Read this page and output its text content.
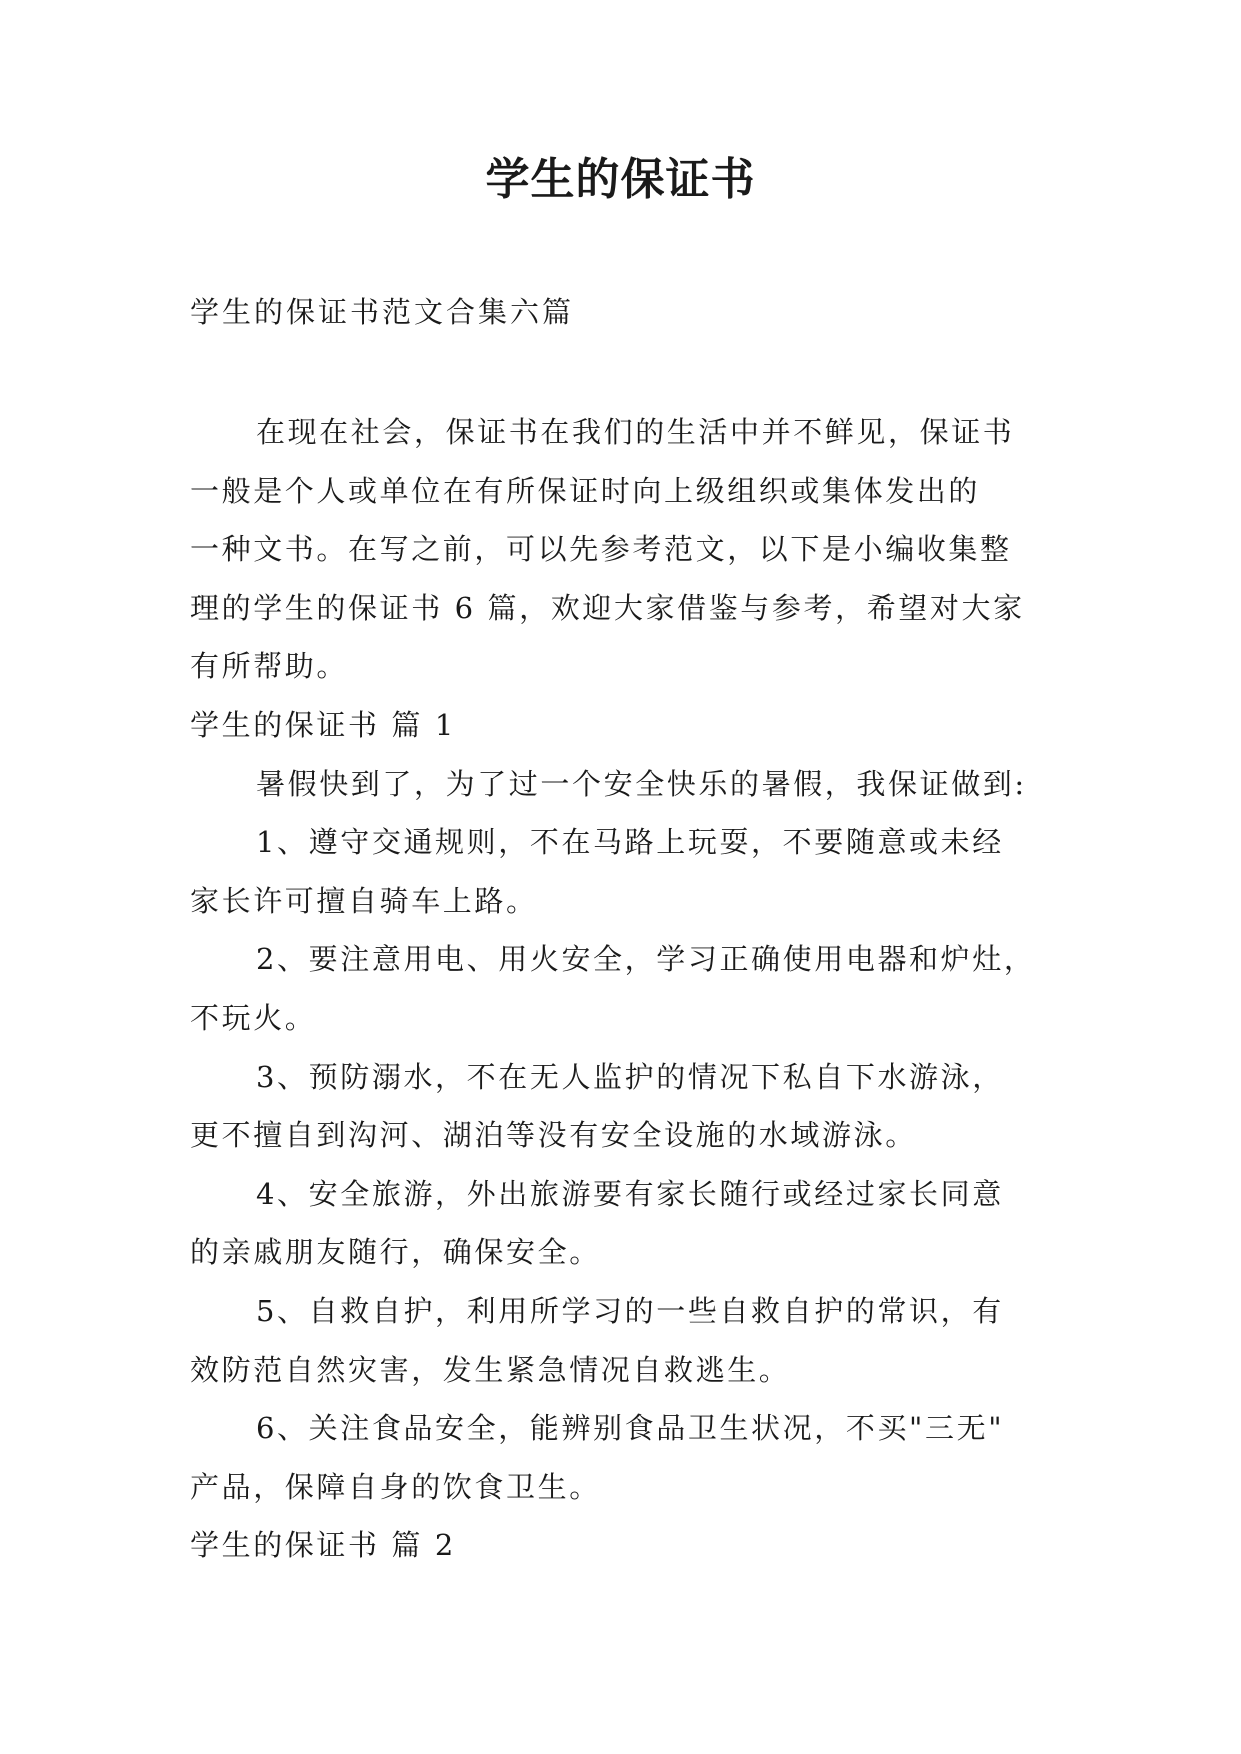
学生的保证书
学生的保证书范文合集六篇
在现在社会，保证书在我们的生活中并不鲜见，保证书
一般是个人或单位在有所保证时向上级组织或集体发出的
一种文书。在写之前，可以先参考范文，以下是小编收集整
理的学生的保证书 6 篇，欢迎大家借鉴与参考，希望对大家
有所帮助。
学生的保证书 篇 1
暑假快到了，为了过一个安全快乐的暑假，我保证做到:
1、遵守交通规则，不在马路上玩耍，不要随意或未经
家长许可擅自骑车上路。
2、要注意用电、用火安全，学习正确使用电器和炉灶，
不玩火。
3、预防溺水，不在无人监护的情况下私自下水游泳，
更不擅自到沟河、湖泊等没有安全设施的水域游泳。
4、安全旅游，外出旅游要有家长随行或经过家长同意
的亲戚朋友随行，确保安全。
5、自救自护，利用所学习的一些自救自护的常识，有
效防范自然灾害，发生紧急情况自救逃生。
6、关注食品安全，能辨别食品卫生状况，不买"三无"
产品，保障自身的饮食卫生。
学生的保证书 篇 2
